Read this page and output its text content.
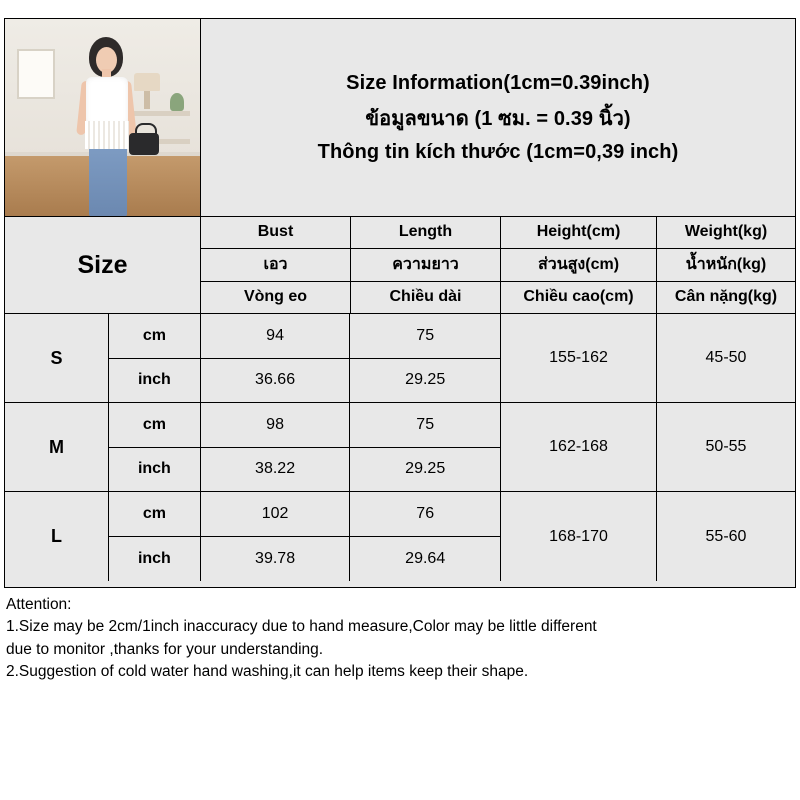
Size Information(1cm=0.39inch)
ข้อมูลขนาด (1 ซม. = 0.39 นิ้ว)
Thông tin kích thước (1cm=0,39 inch)
Size
Bust	Length	Height(cm)	Weight(kg)
เอว	ความยาว	ส่วนสูง(cm)	น้ำหนัก(kg)
Vòng eo	Chiều dài	Chiều cao(cm)	Cân nặng(kg)
S
cm	94	75
inch	36.66	29.25
155-162	45-50
M
cm	98	75
inch	38.22	29.25
162-168	50-55
L
cm	102	76
inch	39.78	29.64
168-170	55-60
Attention:
1.Size may be 2cm/1inch inaccuracy due to hand measure,Color may be little different
due to monitor ,thanks for your understanding.
2.Suggestion of cold water hand washing,it can help items keep their shape.
